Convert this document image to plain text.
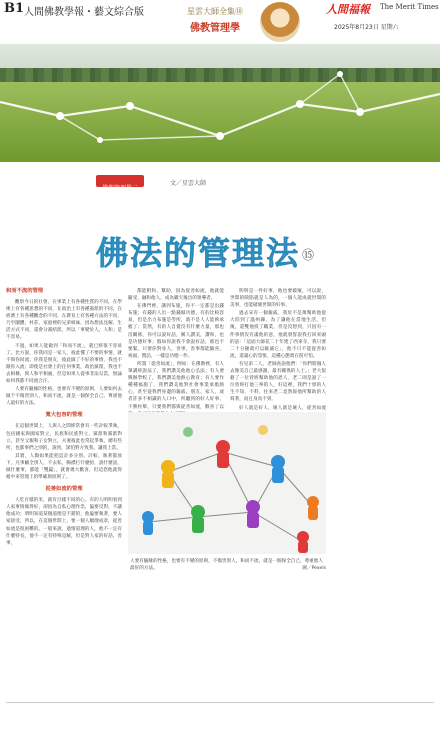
B1 人間佛教學報・藝文綜合版	星雲大師全集⑩
佛教管理學
人間福報 The Merit Times
2025年8月23日 星期六
佛教管理學三
文／星雲大師
佛法的管理法 ⑮
和而不流的管理

觀察今日的社會，在事業上有各種性質的不同，在學術上有各種思想的不同，在政治上有各種黨派的不同。在經濟上有各種觀念的不同，在教育上有各種方法的不同，乃至團體、村莊、家庭裡的兄弟姐妹，因為想法見解、生活方式不同，還會分黨結派，所以「事變於人，人和」是不容易。

不過，如果人能做到「和而不流」，就已經很不容易了。比方說，你我同是一家人，彼此懂了不要的事情，就不與你同流；你我是朋友，彼此做了不好的事情，我也不跟你入流；即使是社會上的任何事業，政治黨派，我也不去相稱，與人和平相處，但是如果人從事非法勾當，無論如何我都不同流合汙。

人要有隨緣的性格，也要有不變的原則，人要如何去做个不傷害別人，和而不流，就是一個保全自己、尊重他人最好的方法。

寬大包容的管理

在這個世間上，人與人之間經常會有一些計較爭執，包括國家與國家對立，民族和民族對立，黨派和黨派對立，甚至父親和子女對立，夫妻彼此也常起爭執，總有些所，也都事們之別的，說到，深怕對方致我，讓我上當。

其實，人類如果能把這計多分別、計較、執著都放下，凡事顧全別人，不去私，胸襟打什麼紛，說什麼話，做什麼事，都能「雙贏」，就會幾大歡喜，但這您他就得擔中來管理上的準確與原則了。

從善如流的管理

人吃百樣的米，就有百樣不同的心。有的人明明看到人家事情做得好，卻因為自私心理作祟，偏要反對，不讓他成功；明明知道某個道理是不錯的，他偏要執著，要人家接受，所以，在這個世間上，要一個人順理成章，從善如流是很困難的。一般來說，過情道理的人，他不一定有什麼特長，他不一定有特殊見解，但是對人家的好話、善事，

都能附和、幫助，因為從善如流，他就能隨受、融和他人，成為職天後出的領導者。

在佛門裡，講到布施，你不一定都是出錢布施；有錢的人出一點錢做功德，有的比較容易，但是出力布施是勞所，就不是人人能夠承擔了；當然，有的人自覺沒有什麼力量，那也沒關係，你可以說好話，稱人讚美，讚和，也是功德好事；假如你說我不會說好話，那也不要緊，只要你對身人，善事，善事都能隨喜，祝福，贊訪，一樣是功德一件。

所謂「從善如流」，例如：在佛教裡，有人畢講經說法了，我們讚美他他心弘法；有人要興辦學校了，我們讚美他熱心教育；有人要作種種福施了，我們讚美他對社會事業承擔熱心，甚至從我們身邊的親戚、朋友、家人，或者許多不相識的人口中，所聽到的好人好事、不勝枚舉，只要我們都與從善如流，歡喜了以

明明是一件好事，他也要破壞，可以說，世間的缺陷就是人為的，一個人能成就世間的美事，也能破壞世間的好事。

過去宋有一個親戚，我於不是萬幫助他從大陸到了溫州縣，為了讓他在當地生活，但後，還雙他找了職業，但是沒想到，只因有一件事情沒有滿他的意，他就發誓說我打回來頭的話：「這面大師花二十年建了西來寺，我只要二十分鐘就可以鏟滅它」，他不只不能從善如流，還滿心的怨恨，這種心態實在很可怕。

有兒弟二人，老師查說他們：「你們將個人去顏美自己最感謝，最有關係的人士。」老大很藝了一位曾經幫助他的恩人，老二則是說了一位曾經打他三拳的人，好這裡，我們十發的人生不知，不料，往來老二竟然報他所幫助的人寫著，而且身真不到。

好人就是好人，壞人就是壞人，從善如流

人要有隨緣的性格，也要有不變的原則，不傷害別人，和而不流，就是一個保全自己，尊重他人最好的方法。	圖／Pexels
